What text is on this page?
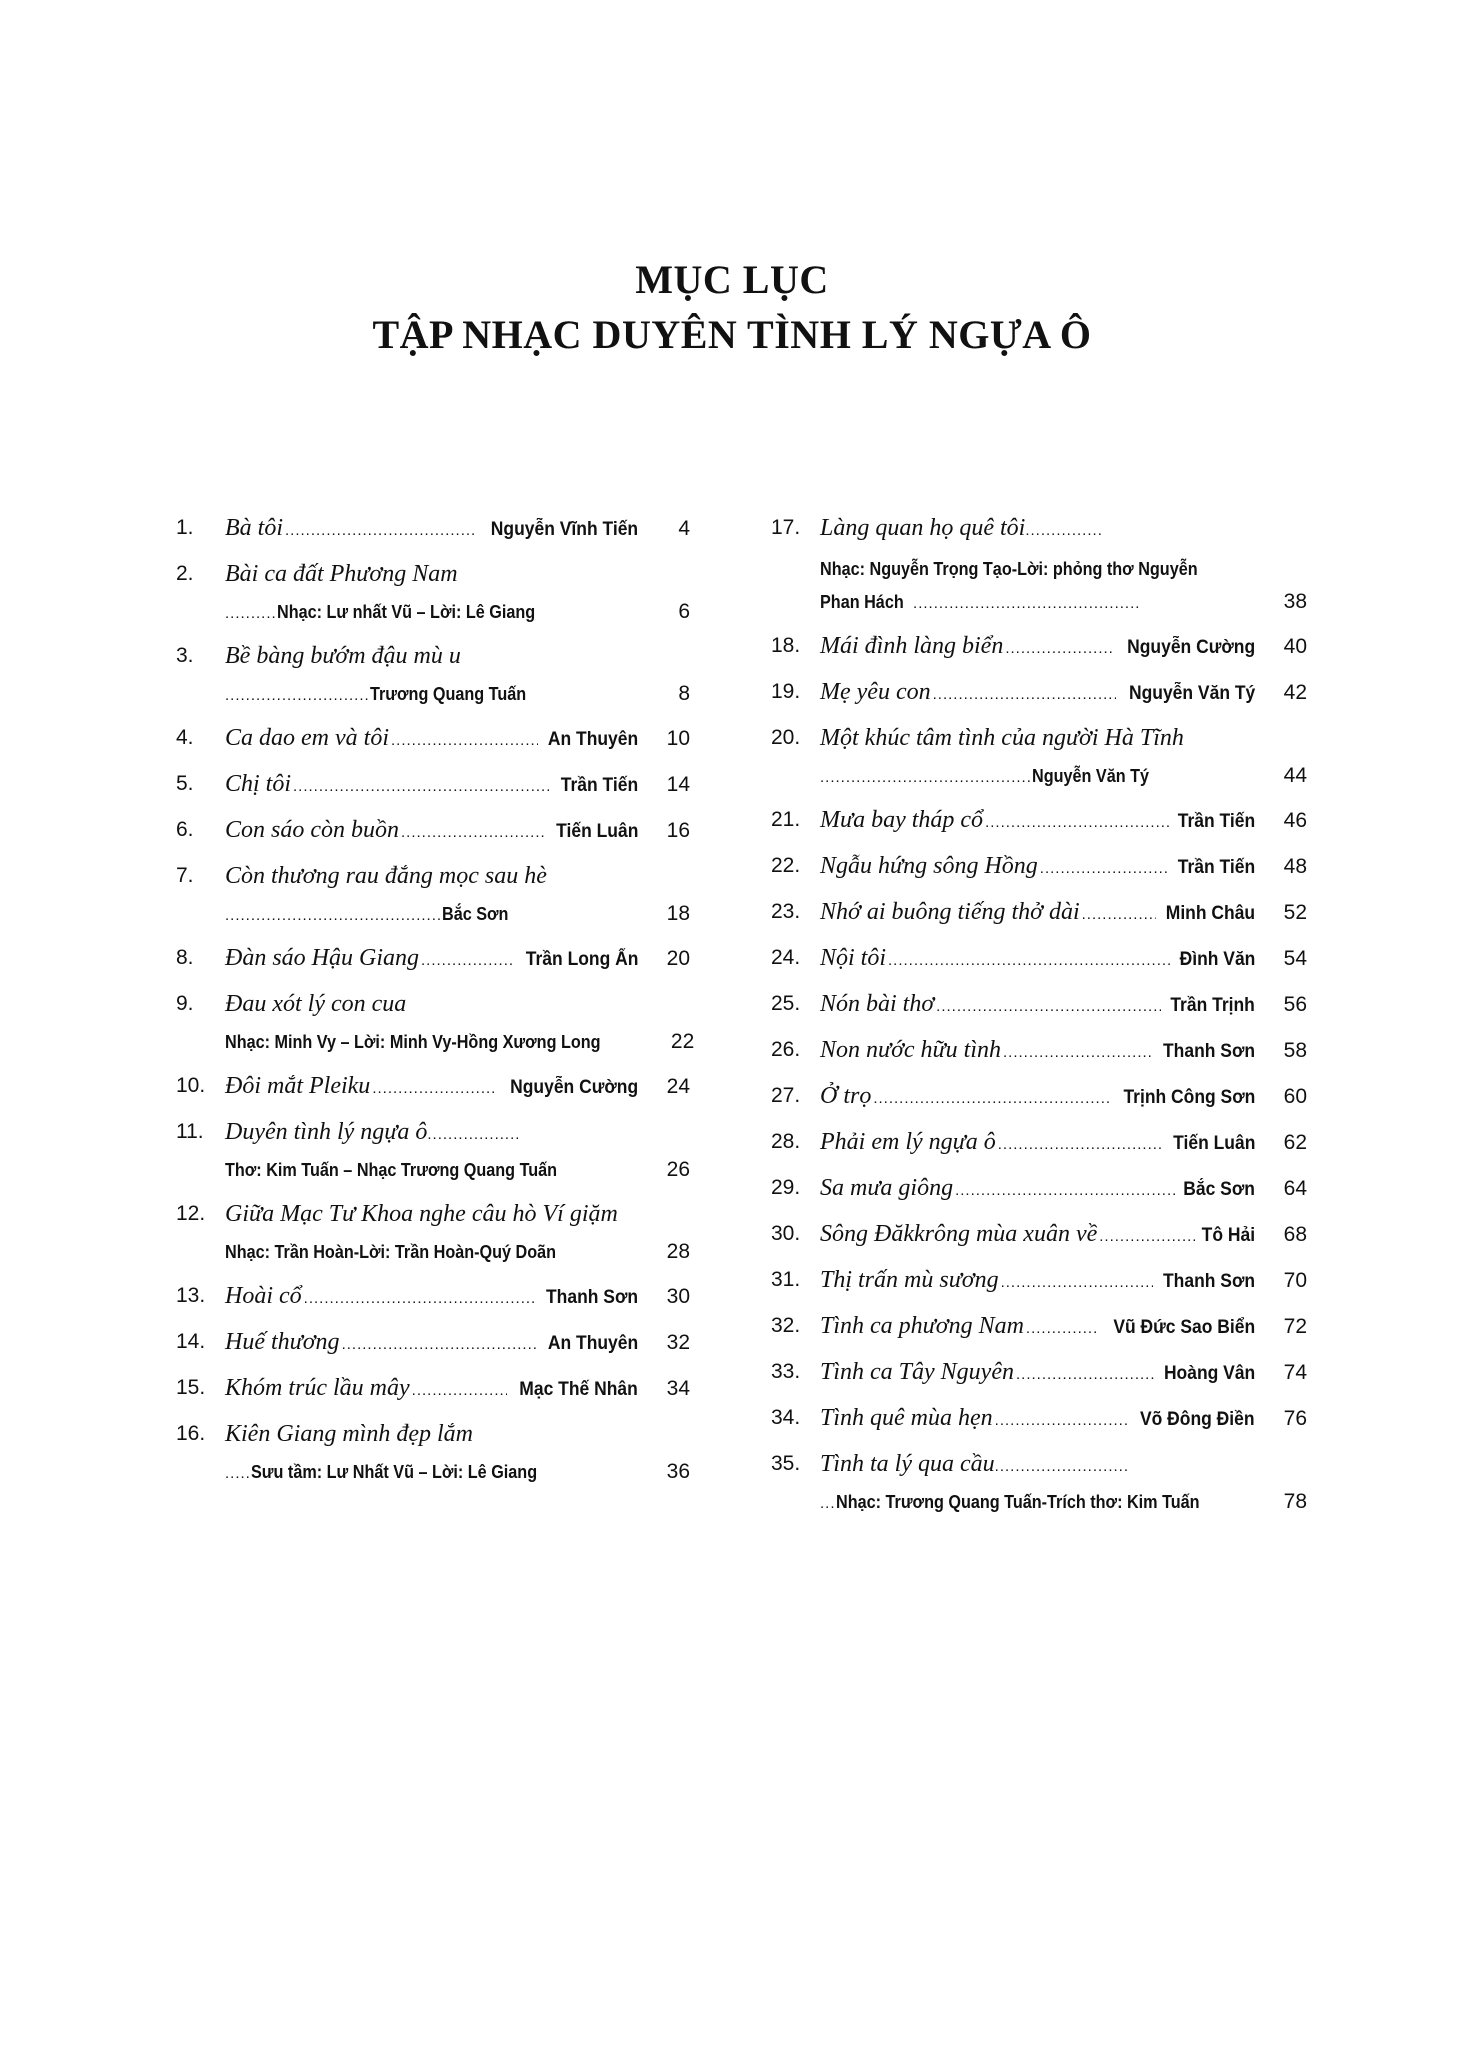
MỤC LỤC
TẬP NHẠC DUYÊN TÌNH LÝ NGỰA Ô
1. Bà tôi .....	Nguyễn Vĩnh Tiến	4
2. Bài ca đất Phương Nam
.......... Nhạc: Lư nhất Vũ – Lời: Lê Giang	6
3. Bề bàng bướm đậu mù u
............................ Trương Quang Tuấn	8
4. Ca dao em và tôi .....	An Thuyên	10
5. Chị tôi .....	Trần Tiến	14
6. Con sáo còn buồn .....	Tiến Luân	16
7. Còn thương rau đắng mọc sau hè
.......................................... Bắc Sơn	18
8. Đàn sáo Hậu Giang .....	Trần Long Ẩn	20
9. Đau xót lý con cua
Nhạc: Minh Vy – Lời: Minh Vy-Hồng Xương Long	22
10. Đôi mắt Pleiku .....	Nguyễn Cường	24
11. Duyên tình lý ngựa ô ..................
Thơ: Kim Tuấn – Nhạc Trương Quang Tuấn	26
12. Giữa Mạc Tư Khoa nghe câu hò Ví giặm
Nhạc: Trần Hoàn-Lời: Trần Hoàn-Quý Doãn	28
13. Hoài cổ .....	Thanh Sơn	30
14. Huế thương .....	An Thuyên	32
15. Khóm trúc lầu mây .....	Mạc Thế Nhân	34
16. Kiên Giang mình đẹp lắm
..... Sưu tầm: Lư Nhất Vũ – Lời: Lê Giang	36
17. Làng quan họ quê tôi ...............
Nhạc: Nguyễn Trọng Tạo-Lời: phỏng thơ Nguyễn
Phan Hách ............................................	38
18. Mái đình làng biển .....	Nguyễn Cường	40
19. Mẹ yêu con .....	Nguyễn Văn Tý	42
20. Một khúc tâm tình của người Hà Tĩnh
......................................... Nguyễn Văn Tý	44
21. Mưa bay tháp cổ .....	Trần Tiến	46
22. Ngẫu hứng sông Hồng .....	Trần Tiến	48
23. Nhớ ai buông tiếng thở dài .....	Minh Châu	52
24. Nội tôi .....	Đình Văn	54
25. Nón bài thơ .....	Trần Trịnh	56
26. Non nước hữu tình .....	Thanh Sơn	58
27. Ở trọ .....	Trịnh Công Sơn	60
28. Phải em lý ngựa ô .....	Tiến Luân	62
29. Sa mưa giông .....	Bắc Sơn	64
30. Sông Đăkkrông mùa xuân về .....	Tô Hải	68
31. Thị trấn mù sương .....	Thanh Sơn	70
32. Tình ca phương Nam .....	Vũ Đức Sao Biển	72
33. Tình ca Tây Nguyên .....	Hoàng Vân	74
34. Tình quê mùa hẹn .....	Võ Đông Điền	76
35. Tình ta lý qua cầu ..........................
... Nhạc: Trương Quang Tuấn-Trích thơ: Kim Tuấn	78
